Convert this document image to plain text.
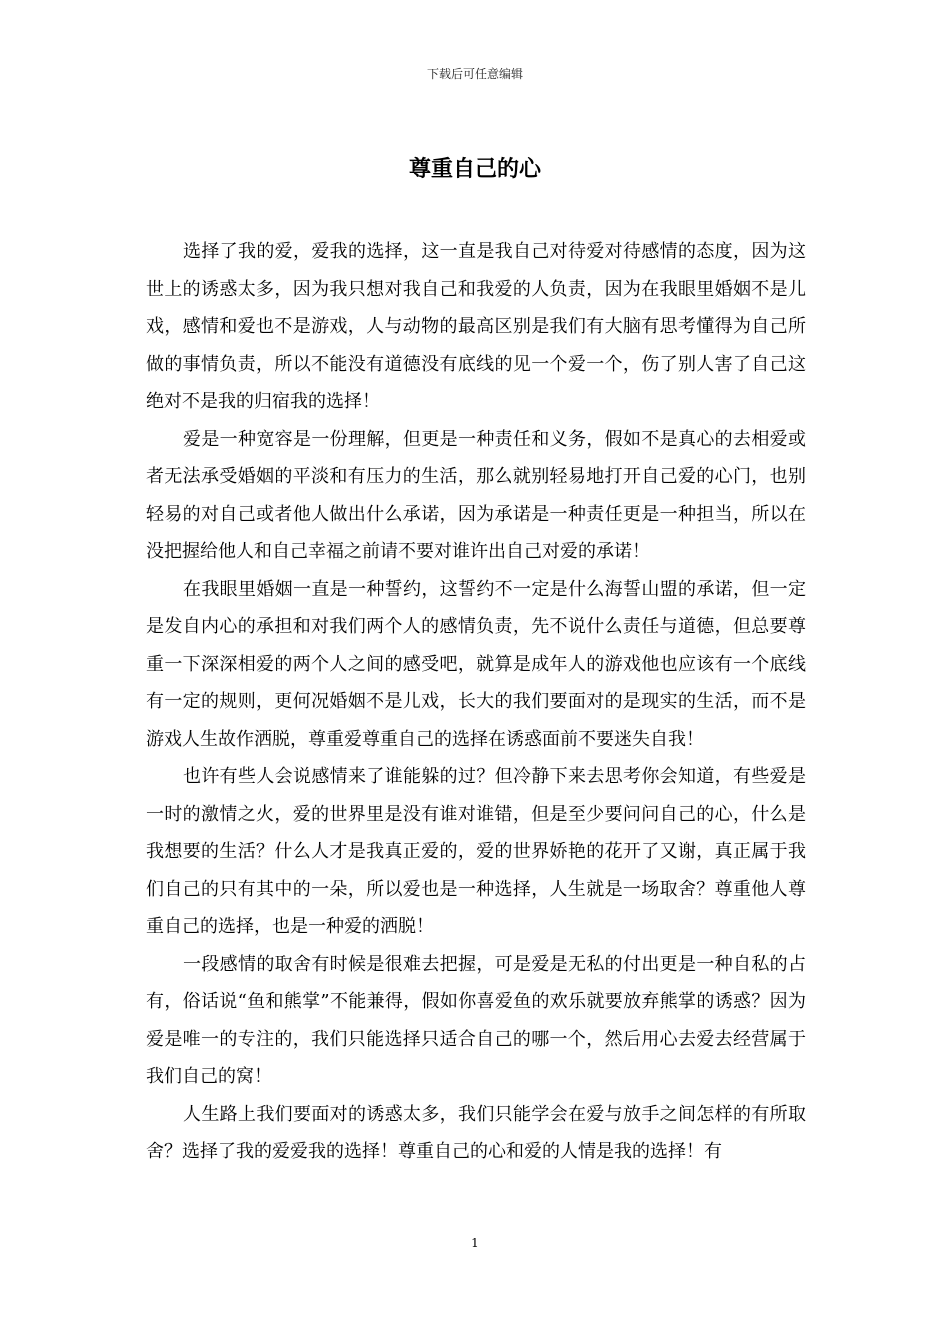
下载后可任意编辑
尊重自己的心

选择了我的爱，爱我的选择，这一直是我自己对待爱对待感情的态度，因为这世上的诱惑太多，因为我只想对我自己和我爱的人负责，因为在我眼里婚姻不是儿戏，感情和爱也不是游戏，人与动物的最高区别是我们有大脑有思考懂得为自己所做的事情负责，所以不能没有道德没有底线的见一个爱一个，伤了别人害了自己这绝对不是我的归宿我的选择！

爱是一种宽容是一份理解，但更是一种责任和义务，假如不是真心的去相爱或者无法承受婚姻的平淡和有压力的生活，那么就别轻易地打开自己爱的心门，也别轻易的对自己或者他人做出什么承诺，因为承诺是一种责任更是一种担当，所以在没把握给他人和自己幸福之前请不要对谁许出自己对爱的承诺！

在我眼里婚姻一直是一种誓约，这誓约不一定是什么海誓山盟的承诺，但一定是发自内心的承担和对我们两个人的感情负责，先不说什么责任与道德，但总要尊重一下深深相爱的两个人之间的感受吧，就算是成年人的游戏他也应该有一个底线有一定的规则，更何况婚姻不是儿戏，长大的我们要面对的是现实的生活，而不是游戏人生故作洒脱，尊重爱尊重自己的选择在诱惑面前不要迷失自我！

也许有些人会说感情来了谁能躲的过？但冷静下来去思考你会知道，有些爱是一时的激情之火，爱的世界里是没有谁对谁错，但是至少要问问自己的心，什么是我想要的生活？什么人才是我真正爱的，爱的世界娇艳的花开了又谢，真正属于我们自己的只有其中的一朵，所以爱也是一种选择，人生就是一场取舍？尊重他人尊重自己的选择，也是一种爱的洒脱！

一段感情的取舍有时候是很难去把握，可是爱是无私的付出更是一种自私的占有，俗话说“鱼和熊掌”不能兼得，假如你喜爱鱼的欢乐就要放弃熊掌的诱惑？因为爱是唯一的专注的，我们只能选择只适合自己的哪一个，然后用心去爱去经营属于我们自己的窝！

人生路上我们要面对的诱惑太多，我们只能学会在爱与放手之间怎样的有所取舍？选择了我的爱爱我的选择！尊重自己的心和爱的人情是我的选择！有

1
